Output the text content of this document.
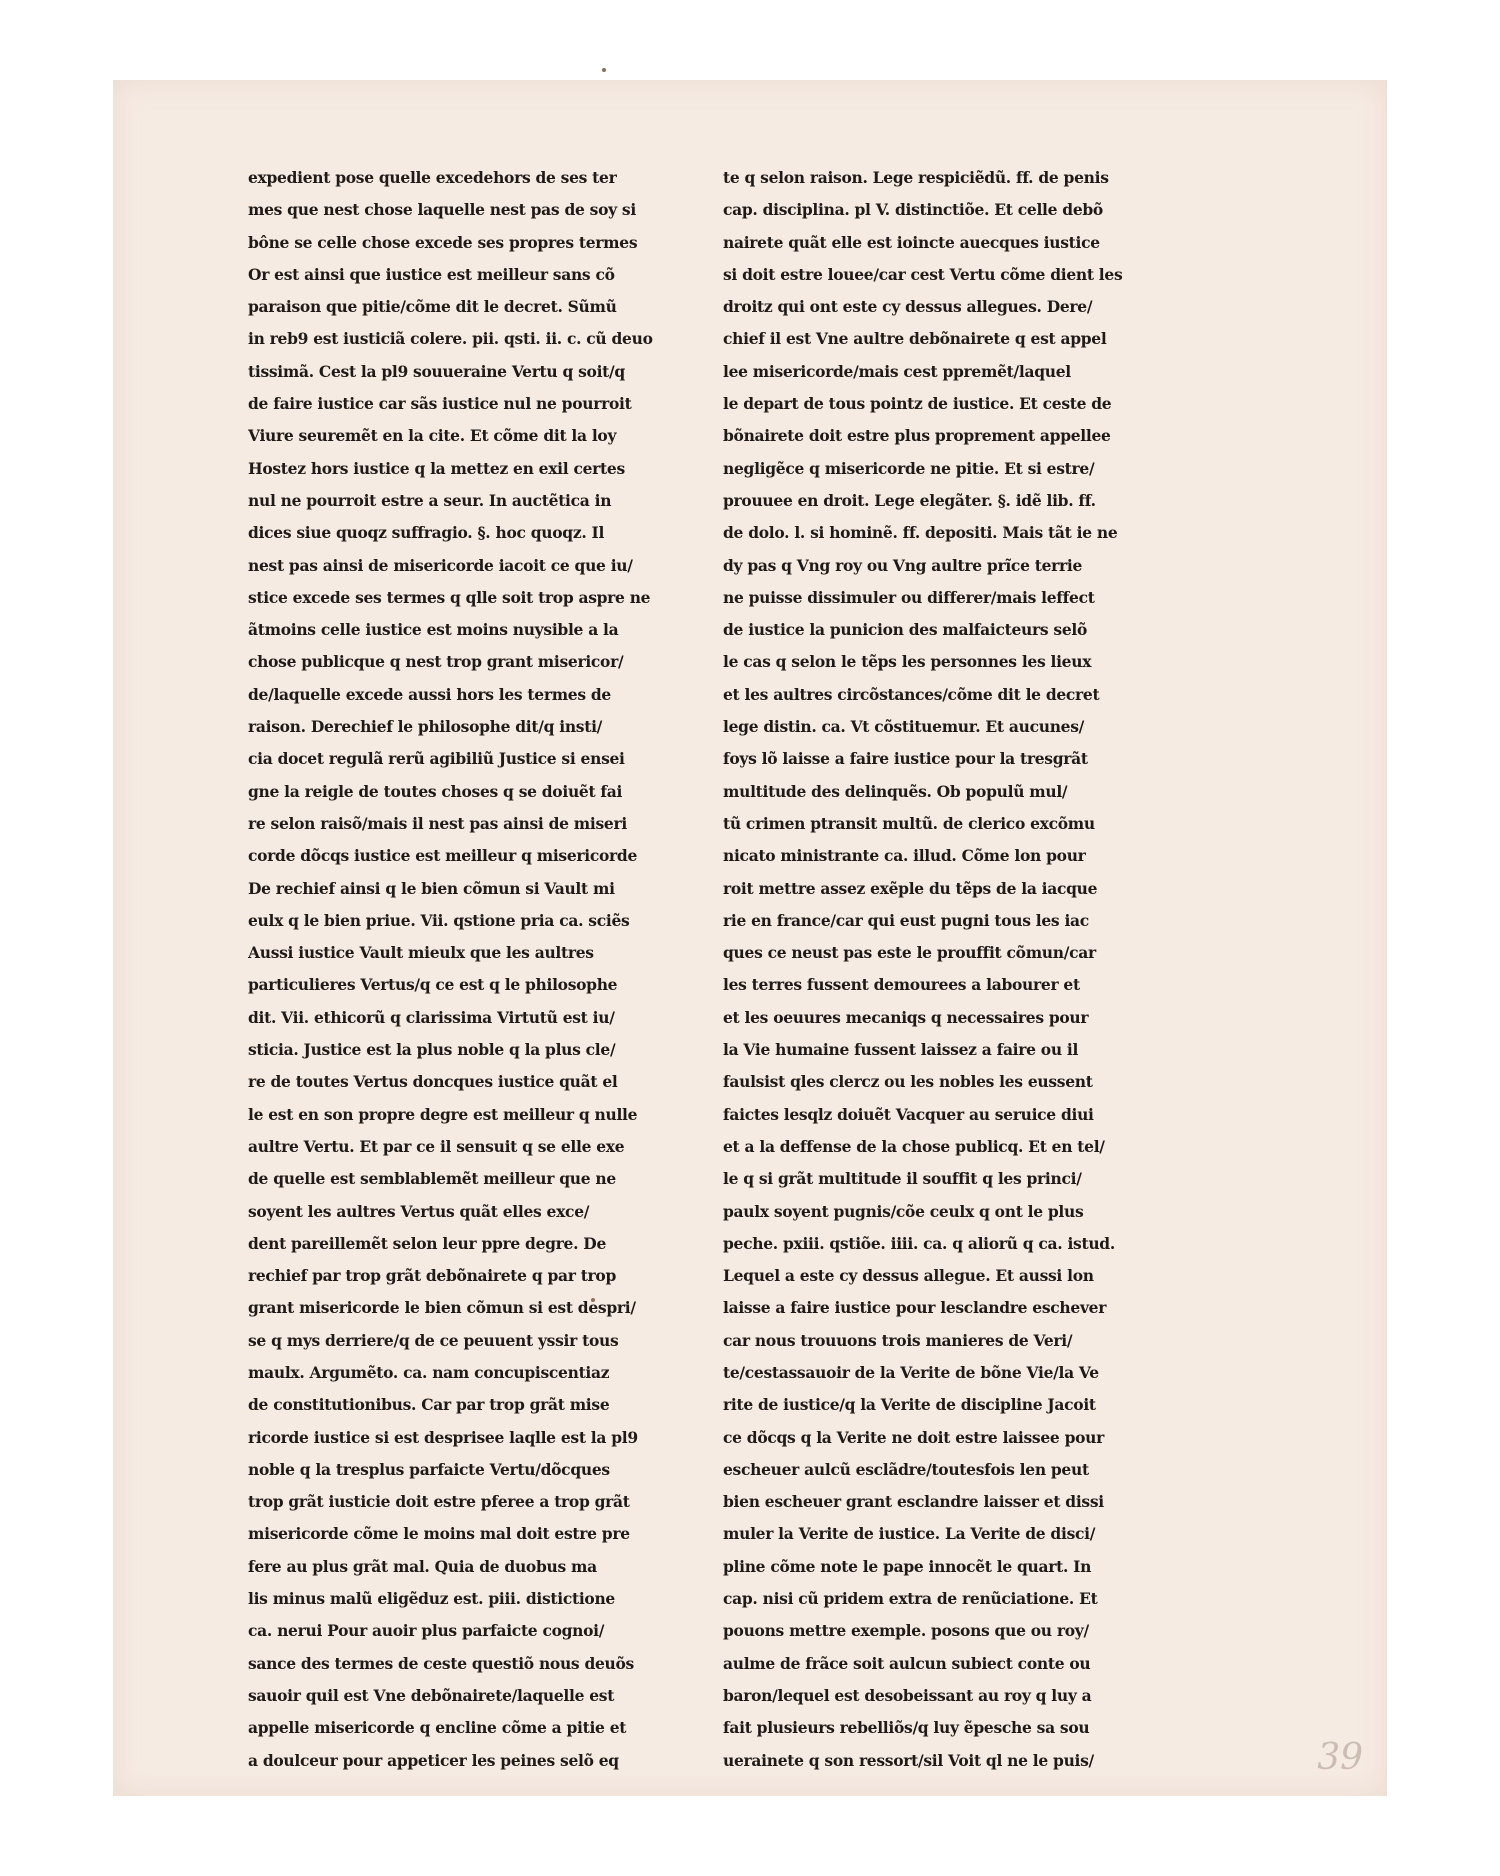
expedient pose quelle excedehors de ses ter
mes que nest chose laquelle nest pas de soy si
bône se celle chose excede ses propres termes
Or est ainsi que iustice est meilleur sans cõ
paraison que pitie/cõme dit le decret. Sũmũ
in reb9 est iusticiã colere. pii. qsti. ii. c. cũ deuo
tissimã. Cest la pl9 souueraine Vertu q soit/q
de faire iustice car sãs iustice nul ne pourroit
Viure seuremẽt en la cite. Et cõme dit la loy
Hostez hors iustice q la mettez en exil certes
nul ne pourroit estre a seur. In auctẽtica in
dices siue quoqz suffragio. §. hoc quoqz. Il
nest pas ainsi de misericorde iacoit ce que iu/
stice excede ses termes q qlle soit trop aspre ne
ãtmoins celle iustice est moins nuysible a la
chose publicque q nest trop grant misericor/
de/laquelle excede aussi hors les termes de
raison. Derechief le philosophe dit/q insti/
cia docet regulã rerũ agibiliũ Justice si ensei
gne la reigle de toutes choses q se doiuẽt fai
re selon raisõ/mais il nest pas ainsi de miseri
corde dõcqs iustice est meilleur q misericorde
De rechief ainsi q le bien cõmun si Vault mi
eulx q le bien priue. Vii. qstione pria ca. sciẽs
Aussi iustice Vault mieulx que les aultres
particulieres Vertus/q ce est q le philosophe
dit. Vii. ethicorũ q clarissima Virtutũ est iu/
sticia. Justice est la plus noble q la plus cle/
re de toutes Vertus doncques iustice quãt el
le est en son propre degre est meilleur q nulle
aultre Vertu. Et par ce il sensuit q se elle exe
de quelle est semblablemẽt meilleur que ne
soyent les aultres Vertus quãt elles exce/
dent pareillemẽt selon leur ppre degre. De
rechief par trop grãt debõnairete q par trop
grant misericorde le bien cõmun si est despri/
se q mys derriere/q de ce peuuent yssir tous
maulx. Argumẽto. ca. nam concupiscentiaz
de constitutionibus. Car par trop grãt mise
ricorde iustice si est desprisee laqlle est la pl9
noble q la tresplus parfaicte Vertu/dõcques
trop grãt iusticie doit estre pferee a trop grãt
misericorde cõme le moins mal doit estre pre
fere au plus grãt mal. Quia de duobus ma
lis minus malũ eligẽduz est. piii. distictione
ca. nerui Pour auoir plus parfaicte cognoi/
sance des termes de ceste questiõ nous deuõs
sauoir quil est Vne debõnairete/laquelle est
appelle misericorde q encline cõme a pitie et
a doulceur pour appeticer les peines selõ eq
te q selon raison. Lege respiciẽdũ. ff. de penis
cap. disciplina. pl V. distinctiõe. Et celle debõ
nairete quãt elle est ioincte auecques iustice
si doit estre louee/car cest Vertu cõme dient les
droitz qui ont este cy dessus allegues. Dere/
chief il est Vne aultre debõnairete q est appel
lee misericorde/mais cest ppremẽt/laquel
le depart de tous pointz de iustice. Et ceste de
bõnairete doit estre plus proprement appellee
negligẽce q misericorde ne pitie. Et si estre/
prouuee en droit. Lege elegãter. §. idẽ lib. ff.
de dolo. l. si hominẽ. ff. depositi. Mais tãt ie ne
dy pas q Vng roy ou Vng aultre prĩce terrie
ne puisse dissimuler ou differer/mais leffect
de iustice la punicion des malfaicteurs selõ
le cas q selon le tẽps les personnes les lieux
et les aultres circõstances/cõme dit le decret
lege distin. ca. Vt cõstituemur. Et aucunes/
foys lõ laisse a faire iustice pour la tresgrãt
multitude des delinquẽs. Ob populũ mul/
tũ crimen ptransit multũ. de clerico excõmu
nicato ministrante ca. illud. Cõme lon pour
roit mettre assez exẽple du tẽps de la iacque
rie en france/car qui eust pugni tous les iac
ques ce neust pas este le prouffit cõmun/car
les terres fussent demourees a labourer et
et les oeuures mecaniqs q necessaires pour
la Vie humaine fussent laissez a faire ou il
faulsist qles clercz ou les nobles les eussent
faictes lesqlz doiuẽt Vacquer au seruice diui
et a la deffense de la chose publicq. Et en tel/
le q si grãt multitude il souffit q les princi/
paulx soyent pugnis/cõe ceulx q ont le plus
peche. pxiii. qstiõe. iiii. ca. q aliorũ q ca. istud.
Lequel a este cy dessus allegue. Et aussi lon
laisse a faire iustice pour lesclandre eschever
car nous trouuons trois manieres de Veri/
te/cestassauoir de la Verite de bõne Vie/la Ve
rite de iustice/q la Verite de discipline Jacoit
ce dõcqs q la Verite ne doit estre laissee pour
escheuer aulcũ esclãdre/toutesfois len peut
bien escheuer grant esclandre laisser et dissi
muler la Verite de iustice. La Verite de disci/
pline cõme note le pape innocẽt le quart. In
cap. nisi cũ pridem extra de renũciatione. Et
pouons mettre exemple. posons que ou roy/
aulme de frãce soit aulcun subiect conte ou
baron/lequel est desobeissant au roy q luy a
fait plusieurs rebelliõs/q luy ẽpesche sa sou
uerainete q son ressort/sil Voit ql ne le puis/	39
